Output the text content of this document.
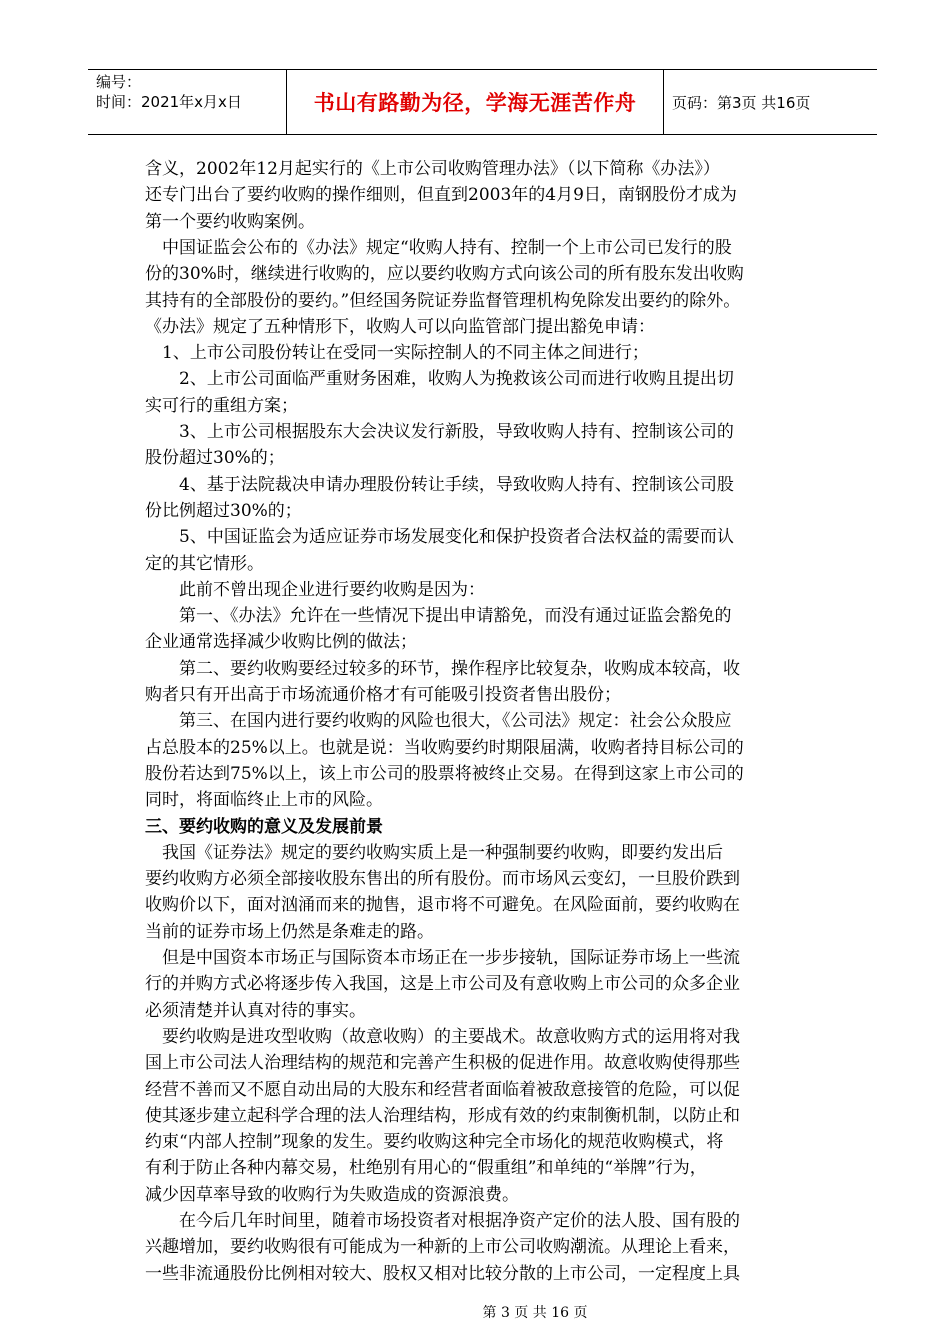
编号：
时间：2021年x月x日	书山有路勤为径，学海无涯苦作舟	页码：第3页 共16页
含义，2002年12月起实行的《上市公司收购管理办法》（以下简称《办法》）
还专门出台了要约收购的操作细则，但直到2003年的4月9日，南钢股份才成为
第一个要约收购案例。
　中国证监会公布的《办法》规定“收购人持有、控制一个上市公司已发行的股
份的30%时，继续进行收购的，应以要约收购方式向该公司的所有股东发出收购
其持有的全部股份的要约。”但经国务院证券监督管理机构免除发出要约的除外。
《办法》规定了五种情形下，收购人可以向监管部门提出豁免申请：
　1、上市公司股份转让在受同一实际控制人的不同主体之间进行；
　　2、上市公司面临严重财务困难，收购人为挽救该公司而进行收购且提出切
实可行的重组方案；
　　3、上市公司根据股东大会决议发行新股，导致收购人持有、控制该公司的
股份超过30%的；
　　4、基于法院裁决申请办理股份转让手续，导致收购人持有、控制该公司股
份比例超过30%的；
　　5、中国证监会为适应证券市场发展变化和保护投资者合法权益的需要而认
定的其它情形。
　　此前不曾出现企业进行要约收购是因为：
　　第一、《办法》允许在一些情况下提出申请豁免，而没有通过证监会豁免的
企业通常选择减少收购比例的做法；
　　第二、要约收购要经过较多的环节，操作程序比较复杂，收购成本较高，收
购者只有开出高于市场流通价格才有可能吸引投资者售出股份；
　　第三、在国内进行要约收购的风险也很大，《公司法》规定：社会公众股应
占总股本的25%以上。也就是说：当收购要约时期限届满，收购者持目标公司的
股份若达到75%以上，该上市公司的股票将被终止交易。在得到这家上市公司的
同时，将面临终止上市的风险。
三、要约收购的意义及发展前景
　我国《证券法》规定的要约收购实质上是一种强制要约收购，即要约发出后
要约收购方必须全部接收股东售出的所有股份。而市场风云变幻，一旦股价跌到
收购价以下，面对汹涌而来的抛售，退市将不可避免。在风险面前，要约收购在
当前的证券市场上仍然是条难走的路。
　但是中国资本市场正与国际资本市场正在一步步接轨，国际证券市场上一些流
行的并购方式必将逐步传入我国，这是上市公司及有意收购上市公司的众多企业
必须清楚并认真对待的事实。
　要约收购是进攻型收购（故意收购）的主要战术。故意收购方式的运用将对我
国上市公司法人治理结构的规范和完善产生积极的促进作用。故意收购使得那些
经营不善而又不愿自动出局的大股东和经营者面临着被敌意接管的危险，可以促
使其逐步建立起科学合理的法人治理结构，形成有效的约束制衡机制，以防止和
约束“内部人控制”现象的发生。要约收购这种完全市场化的规范收购模式，将
有利于防止各种内幕交易，杜绝别有用心的“假重组”和单纯的“举牌”行为，
减少因草率导致的收购行为失败造成的资源浪费。
　　在今后几年时间里，随着市场投资者对根据净资产定价的法人股、国有股的
兴趣增加，要约收购很有可能成为一种新的上市公司收购潮流。从理论上看来，
一些非流通股份比例相对较大、股权又相对比较分散的上市公司，一定程度上具
第 3 页 共 16 页
